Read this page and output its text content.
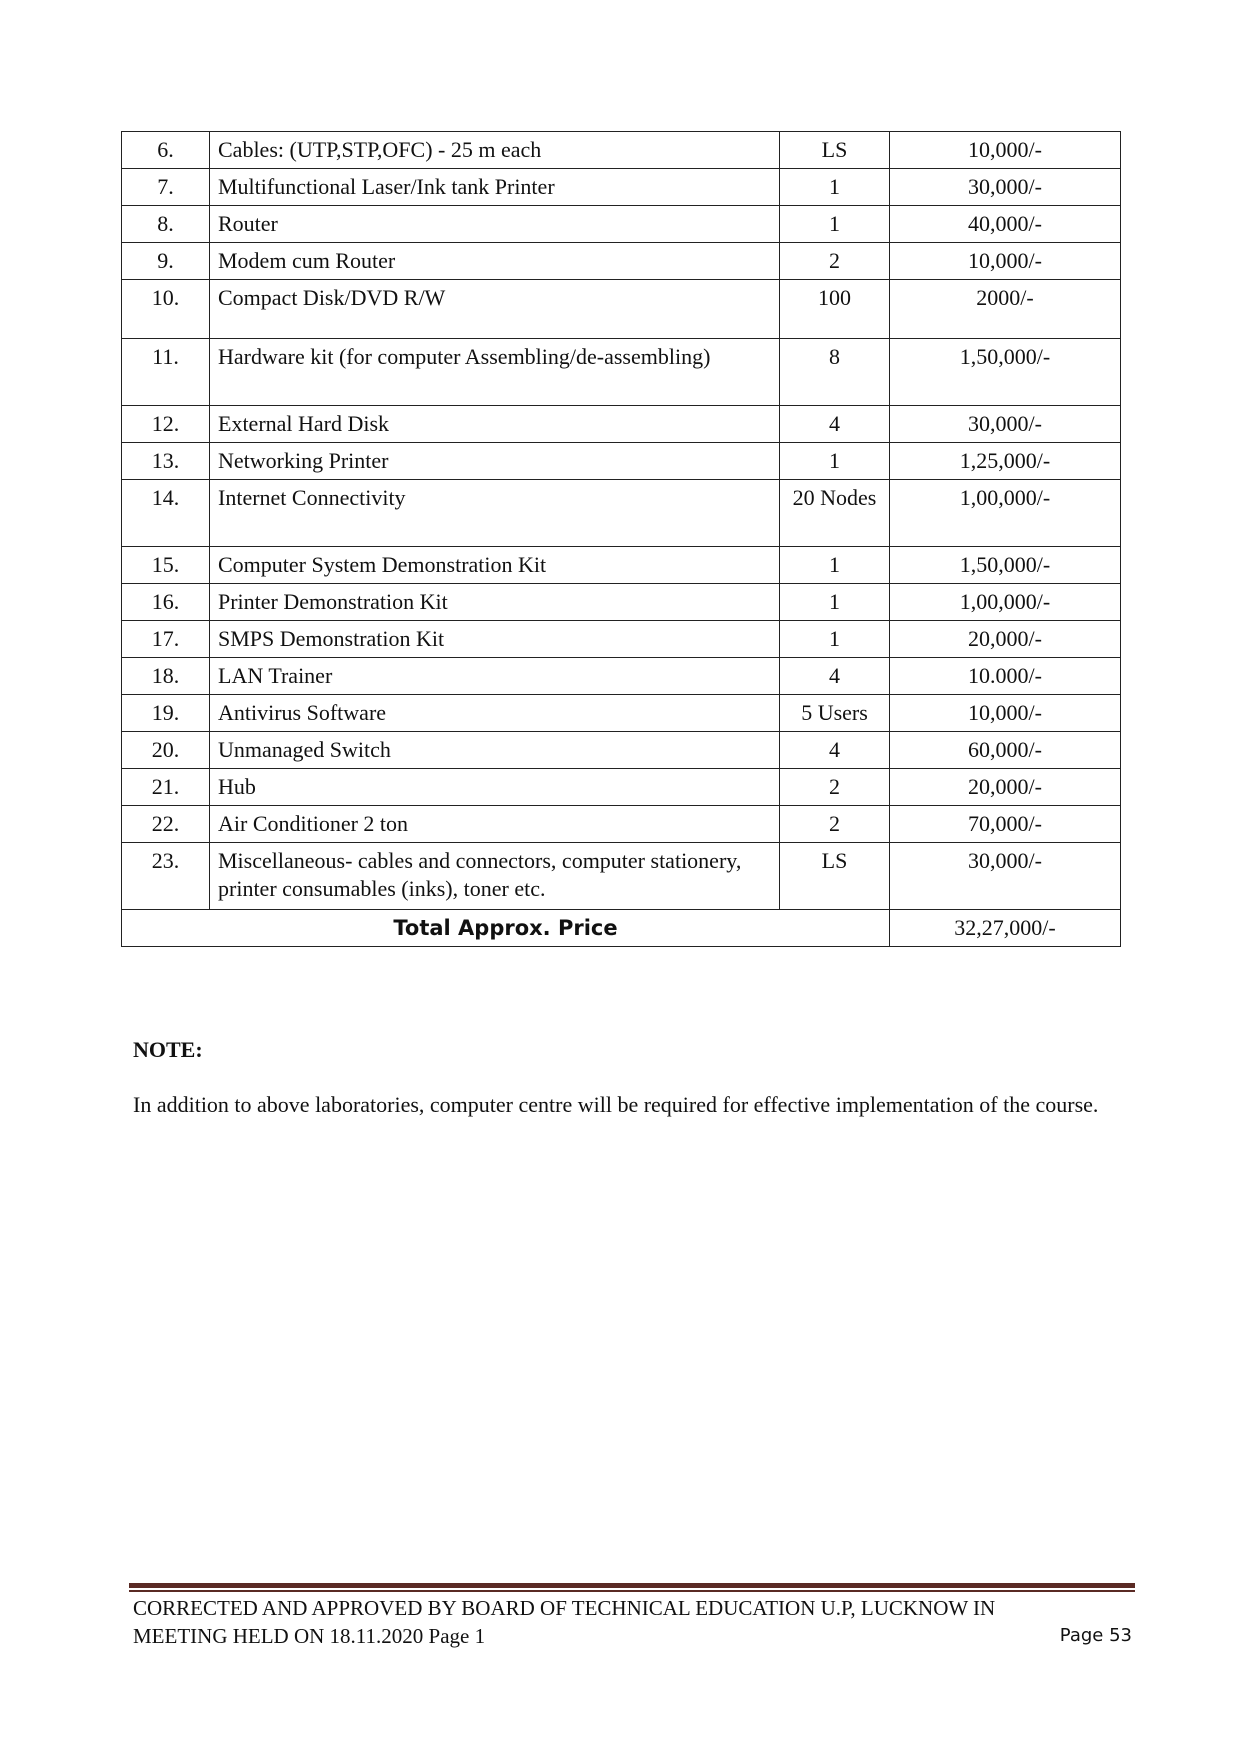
6.	Cables: (UTP,STP,OFC) - 25 m each	LS	10,000/-
7.	Multifunctional Laser/Ink tank Printer	1	30,000/-
8.	Router	1	40,000/-
9.	Modem cum Router	2	10,000/-
10.	Compact Disk/DVD R/W	100	2000/-
11.	Hardware kit (for computer Assembling/de-assembling)	8	1,50,000/-
12.	External Hard Disk	4	30,000/-
13.	Networking Printer	1	1,25,000/-
14.	Internet Connectivity	20 Nodes	1,00,000/-
15.	Computer System Demonstration Kit	1	1,50,000/-
16.	Printer Demonstration Kit	1	1,00,000/-
17.	SMPS Demonstration Kit	1	20,000/-
18.	LAN Trainer	4	10.000/-
19.	Antivirus Software	5 Users	10,000/-
20.	Unmanaged Switch	4	60,000/-
21.	Hub	2	20,000/-
22.	Air Conditioner 2 ton	2	70,000/-
23.	Miscellaneous- cables and connectors, computer stationery, printer consumables (inks), toner etc.	LS	30,000/-
Total Approx. Price			32,27,000/-

NOTE:

In addition to above laboratories, computer centre will be required for effective implementation of the course.

CORRECTED AND APPROVED BY BOARD OF TECHNICAL EDUCATION U.P, LUCKNOW IN
MEETING HELD ON 18.11.2020 Page 1	Page 53
